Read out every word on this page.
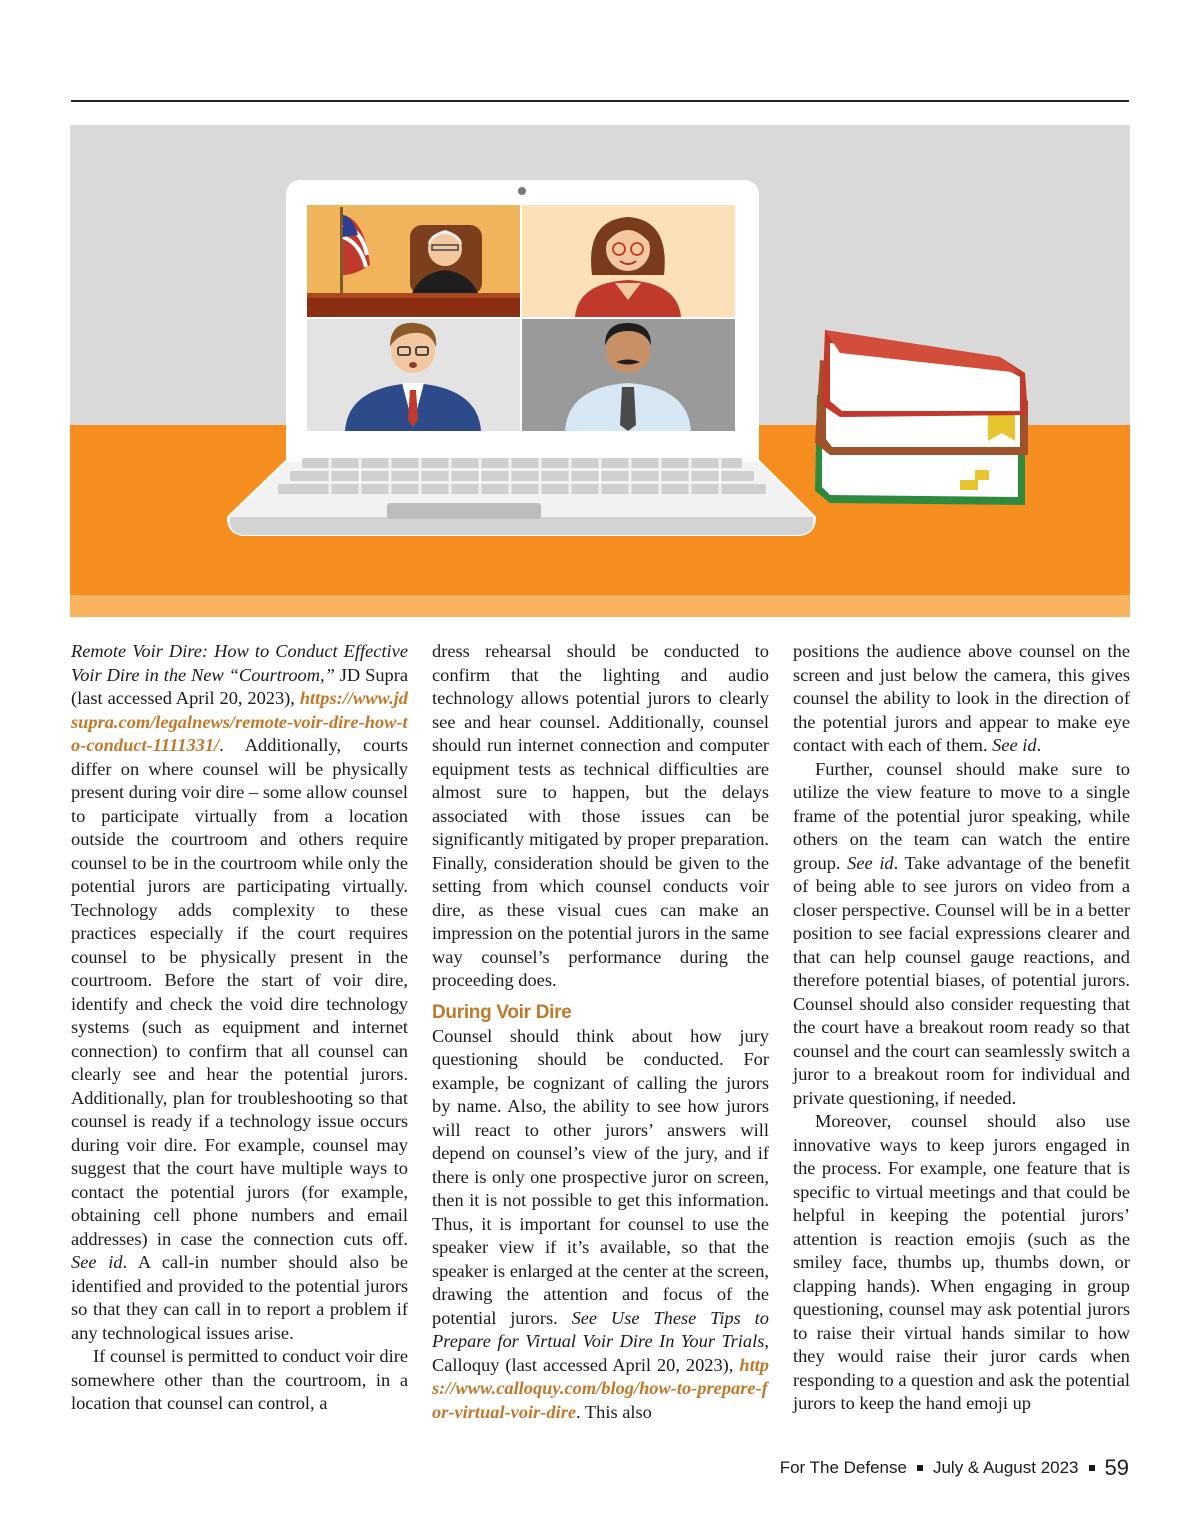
Remote Voir Dire: How to Conduct Effective Voir Dire in the New “Courtroom,” JD Supra (last accessed April 20, 2023), https://www.jdsupra.com/legalnews/remote-voir-dire-how-to-conduct-1111331/. Additionally, courts differ on where counsel will be physically present during voir dire – some allow counsel to participate virtually from a location outside the courtroom and others require counsel to be in the courtroom while only the potential jurors are participating virtually. Technology adds complexity to these practices especially if the court requires counsel to be physically present in the courtroom. Before the start of voir dire, identify and check the void dire technology systems (such as equipment and internet connection) to confirm that all counsel can clearly see and hear the potential jurors. Additionally, plan for troubleshooting so that counsel is ready if a technology issue occurs during voir dire. For example, counsel may suggest that the court have multiple ways to contact the potential jurors (for example, obtaining cell phone numbers and email addresses) in case the connection cuts off. See id. A call-in number should also be identified and provided to the potential jurors so that they can call in to report a problem if any technological issues arise.

If counsel is permitted to conduct voir dire somewhere other than the courtroom, in a location that counsel can control, a

dress rehearsal should be conducted to confirm that the lighting and audio technology allows potential jurors to clearly see and hear counsel. Additionally, counsel should run internet connection and computer equipment tests as technical difficulties are almost sure to happen, but the delays associated with those issues can be significantly mitigated by proper preparation. Finally, consideration should be given to the setting from which counsel conducts voir dire, as these visual cues can make an impression on the potential jurors in the same way counsel’s performance during the proceeding does.

During Voir Dire

Counsel should think about how jury questioning should be conducted. For example, be cognizant of calling the jurors by name. Also, the ability to see how jurors will react to other jurors’ answers will depend on counsel’s view of the jury, and if there is only one prospective juror on screen, then it is not possible to get this information. Thus, it is important for counsel to use the speaker view if it’s available, so that the speaker is enlarged at the center at the screen, drawing the attention and focus of the potential jurors. See Use These Tips to Prepare for Virtual Voir Dire In Your Trials, Calloquy (last accessed April 20, 2023), https://www.calloquy.com/blog/how-to-prepare-for-virtual-voir-dire. This also

positions the audience above counsel on the screen and just below the camera, this gives counsel the ability to look in the direction of the potential jurors and appear to make eye contact with each of them. See id.

Further, counsel should make sure to utilize the view feature to move to a single frame of the potential juror speaking, while others on the team can watch the entire group. See id. Take advantage of the benefit of being able to see jurors on video from a closer perspective. Counsel will be in a better position to see facial expressions clearer and that can help counsel gauge reactions, and therefore potential biases, of potential jurors. Counsel should also consider requesting that the court have a breakout room ready so that counsel and the court can seamlessly switch a juror to a breakout room for individual and private questioning, if needed.

Moreover, counsel should also use innovative ways to keep jurors engaged in the process. For example, one feature that is specific to virtual meetings and that could be helpful in keeping the potential jurors’ attention is reaction emojis (such as the smiley face, thumbs up, thumbs down, or clapping hands). When engaging in group questioning, counsel may ask potential jurors to raise their virtual hands similar to how they would raise their juror cards when responding to a question and ask the potential jurors to keep the hand emoji up

For The Defense July & August 2023 59
